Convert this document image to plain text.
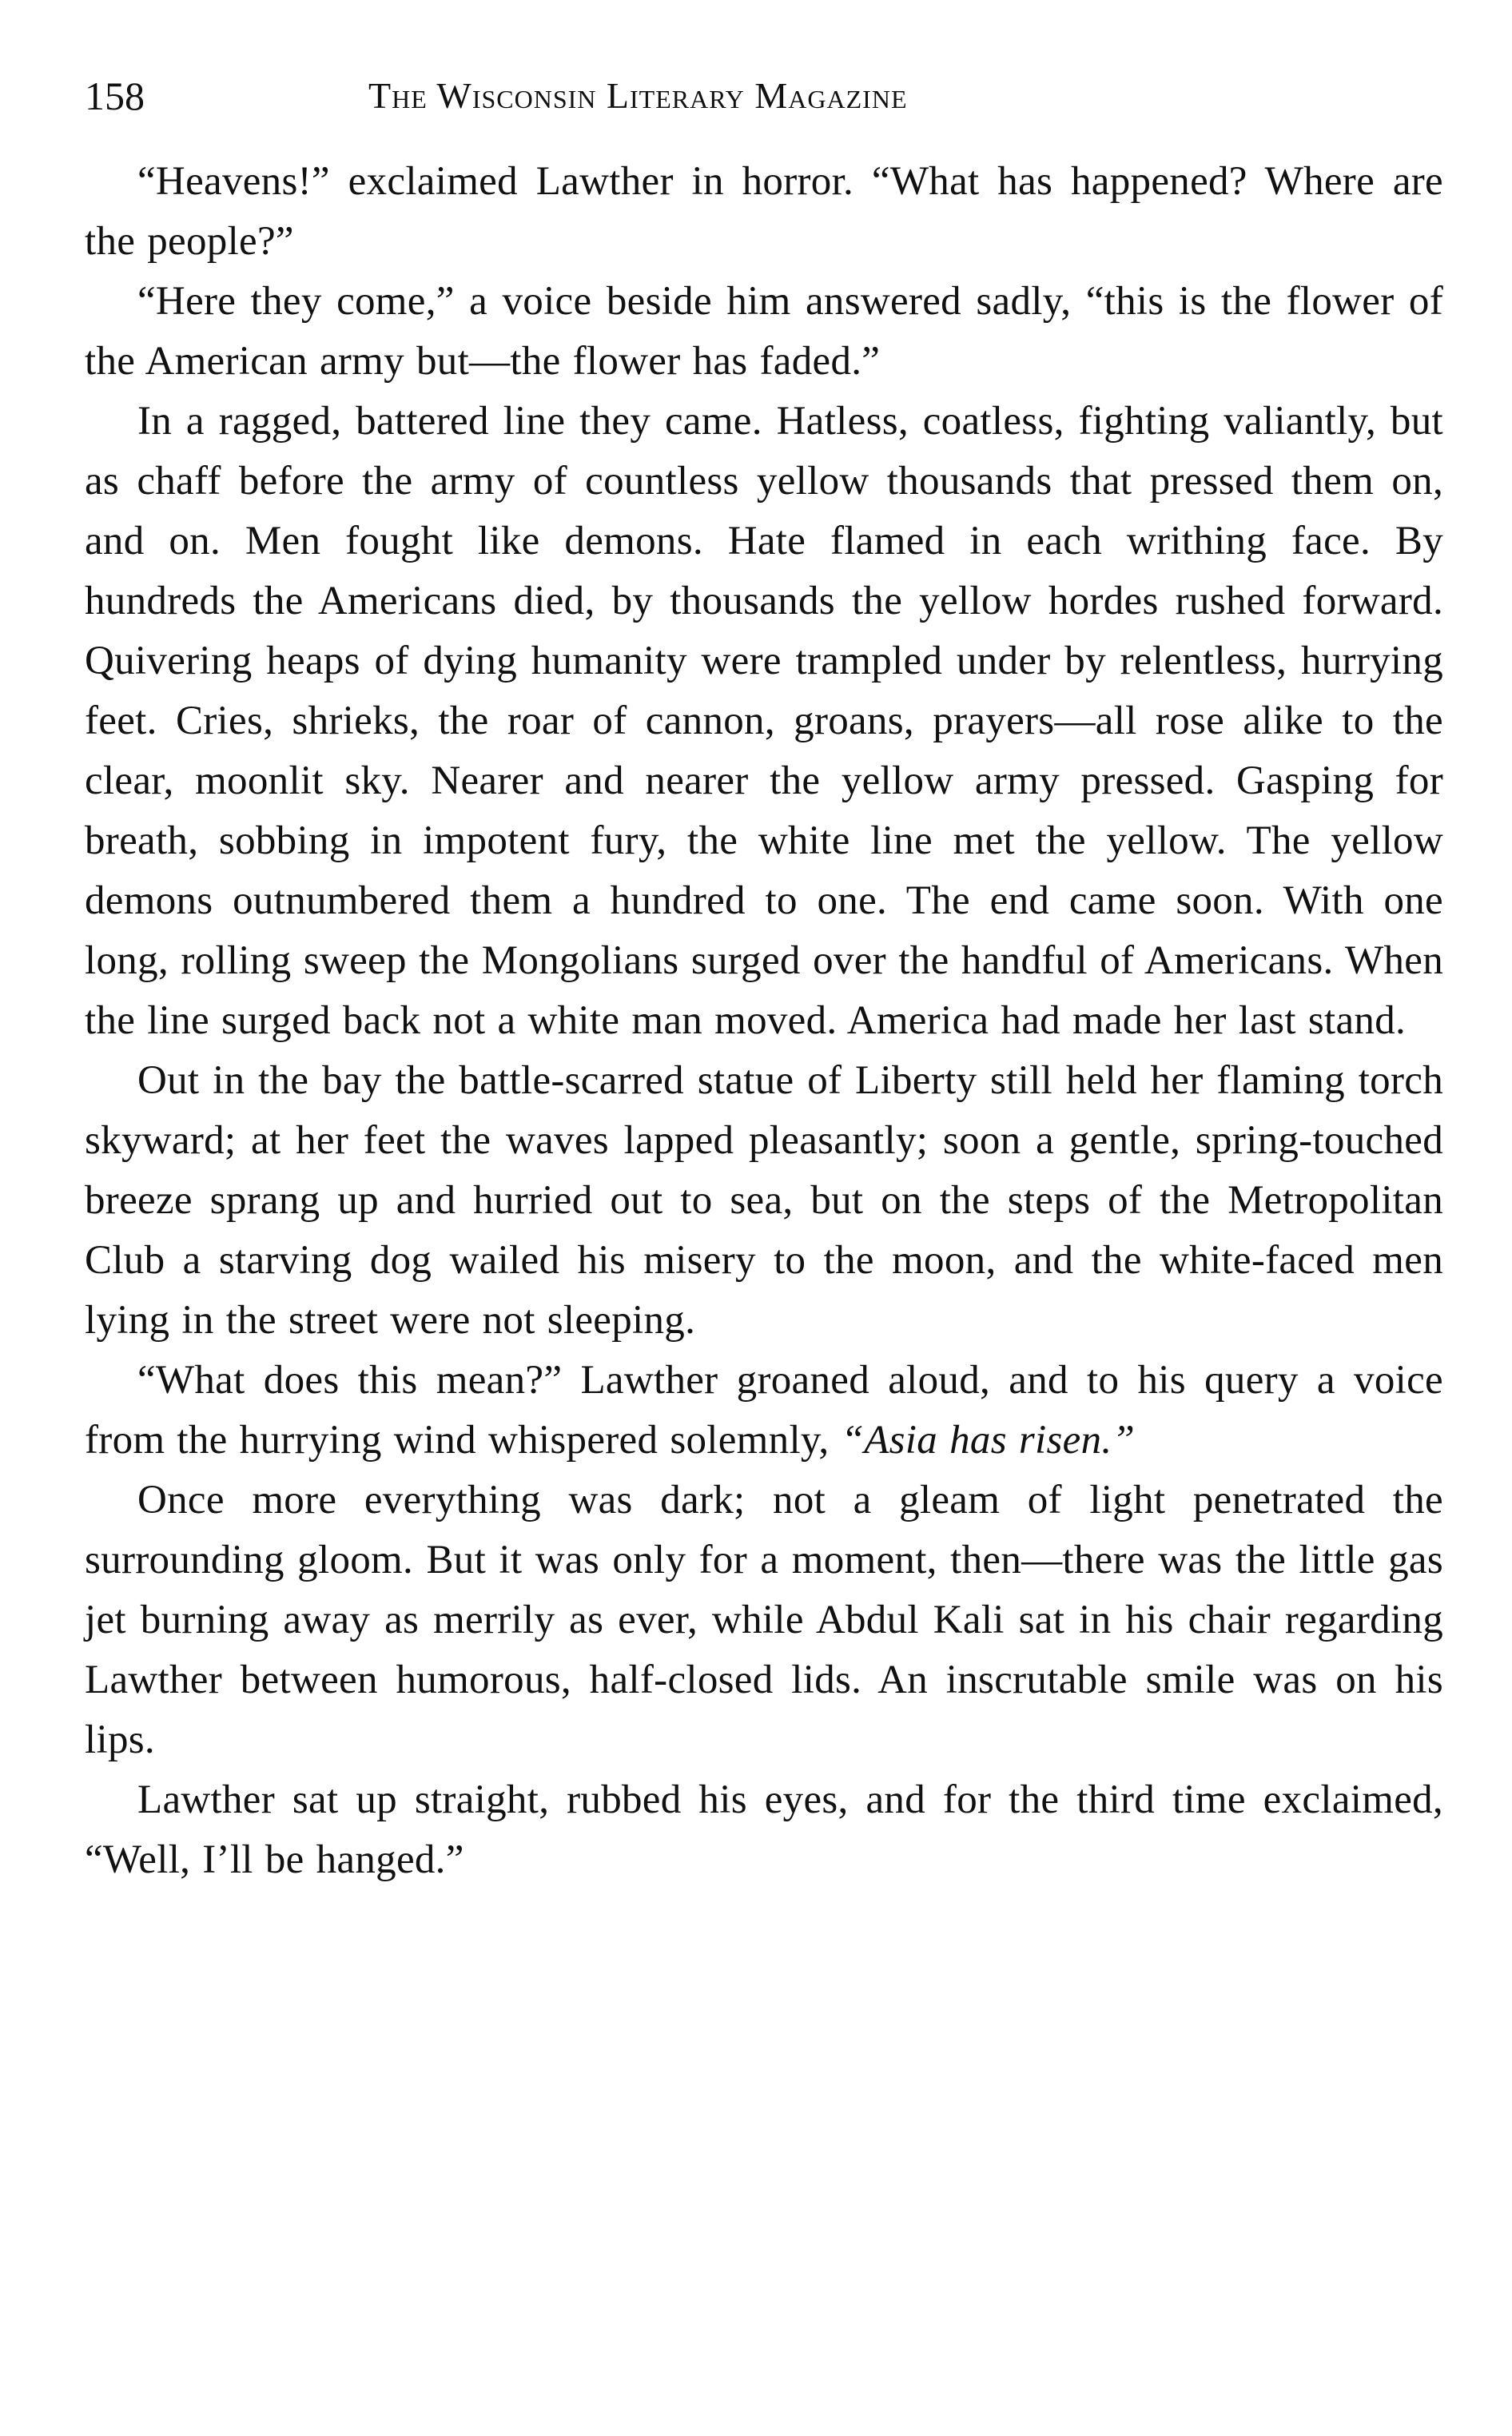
158	The Wisconsin Literary Magazine

“Heavens!” exclaimed Lawther in horror. “What has happened? Where are the people?”

“Here they come,” a voice beside him answered sadly, “this is the flower of the American army but—the flower has faded.”

In a ragged, battered line they came. Hatless, coatless, fighting valiantly, but as chaff before the army of countless yellow thousands that pressed them on, and on. Men fought like demons. Hate flamed in each writhing face. By hundreds the Americans died, by thousands the yellow hordes rushed forward. Quivering heaps of dying humanity were trampled under by relentless, hurrying feet. Cries, shrieks, the roar of cannon, groans, prayers—all rose alike to the clear, moonlit sky. Nearer and nearer the yellow army pressed. Gasping for breath, sobbing in impotent fury, the white line met the yellow. The yellow demons outnumbered them a hundred to one. The end came soon. With one long, rolling sweep the Mongolians surged over the handful of Americans. When the line surged back not a white man moved. America had made her last stand.

Out in the bay the battle-scarred statue of Liberty still held her flaming torch skyward; at her feet the waves lapped pleasantly; soon a gentle, spring-touched breeze sprang up and hurried out to sea, but on the steps of the Metropolitan Club a starving dog wailed his misery to the moon, and the white-faced men lying in the street were not sleeping.

“What does this mean?” Lawther groaned aloud, and to his query a voice from the hurrying wind whispered solemnly, “Asia has risen.”

Once more everything was dark; not a gleam of light penetrated the surrounding gloom. But it was only for a moment, then—there was the little gas jet burning away as merrily as ever, while Abdul Kali sat in his chair regarding Lawther between humorous, half-closed lids. An inscrutable smile was on his lips.

Lawther sat up straight, rubbed his eyes, and for the third time exclaimed, “Well, I’ll be hanged.”
